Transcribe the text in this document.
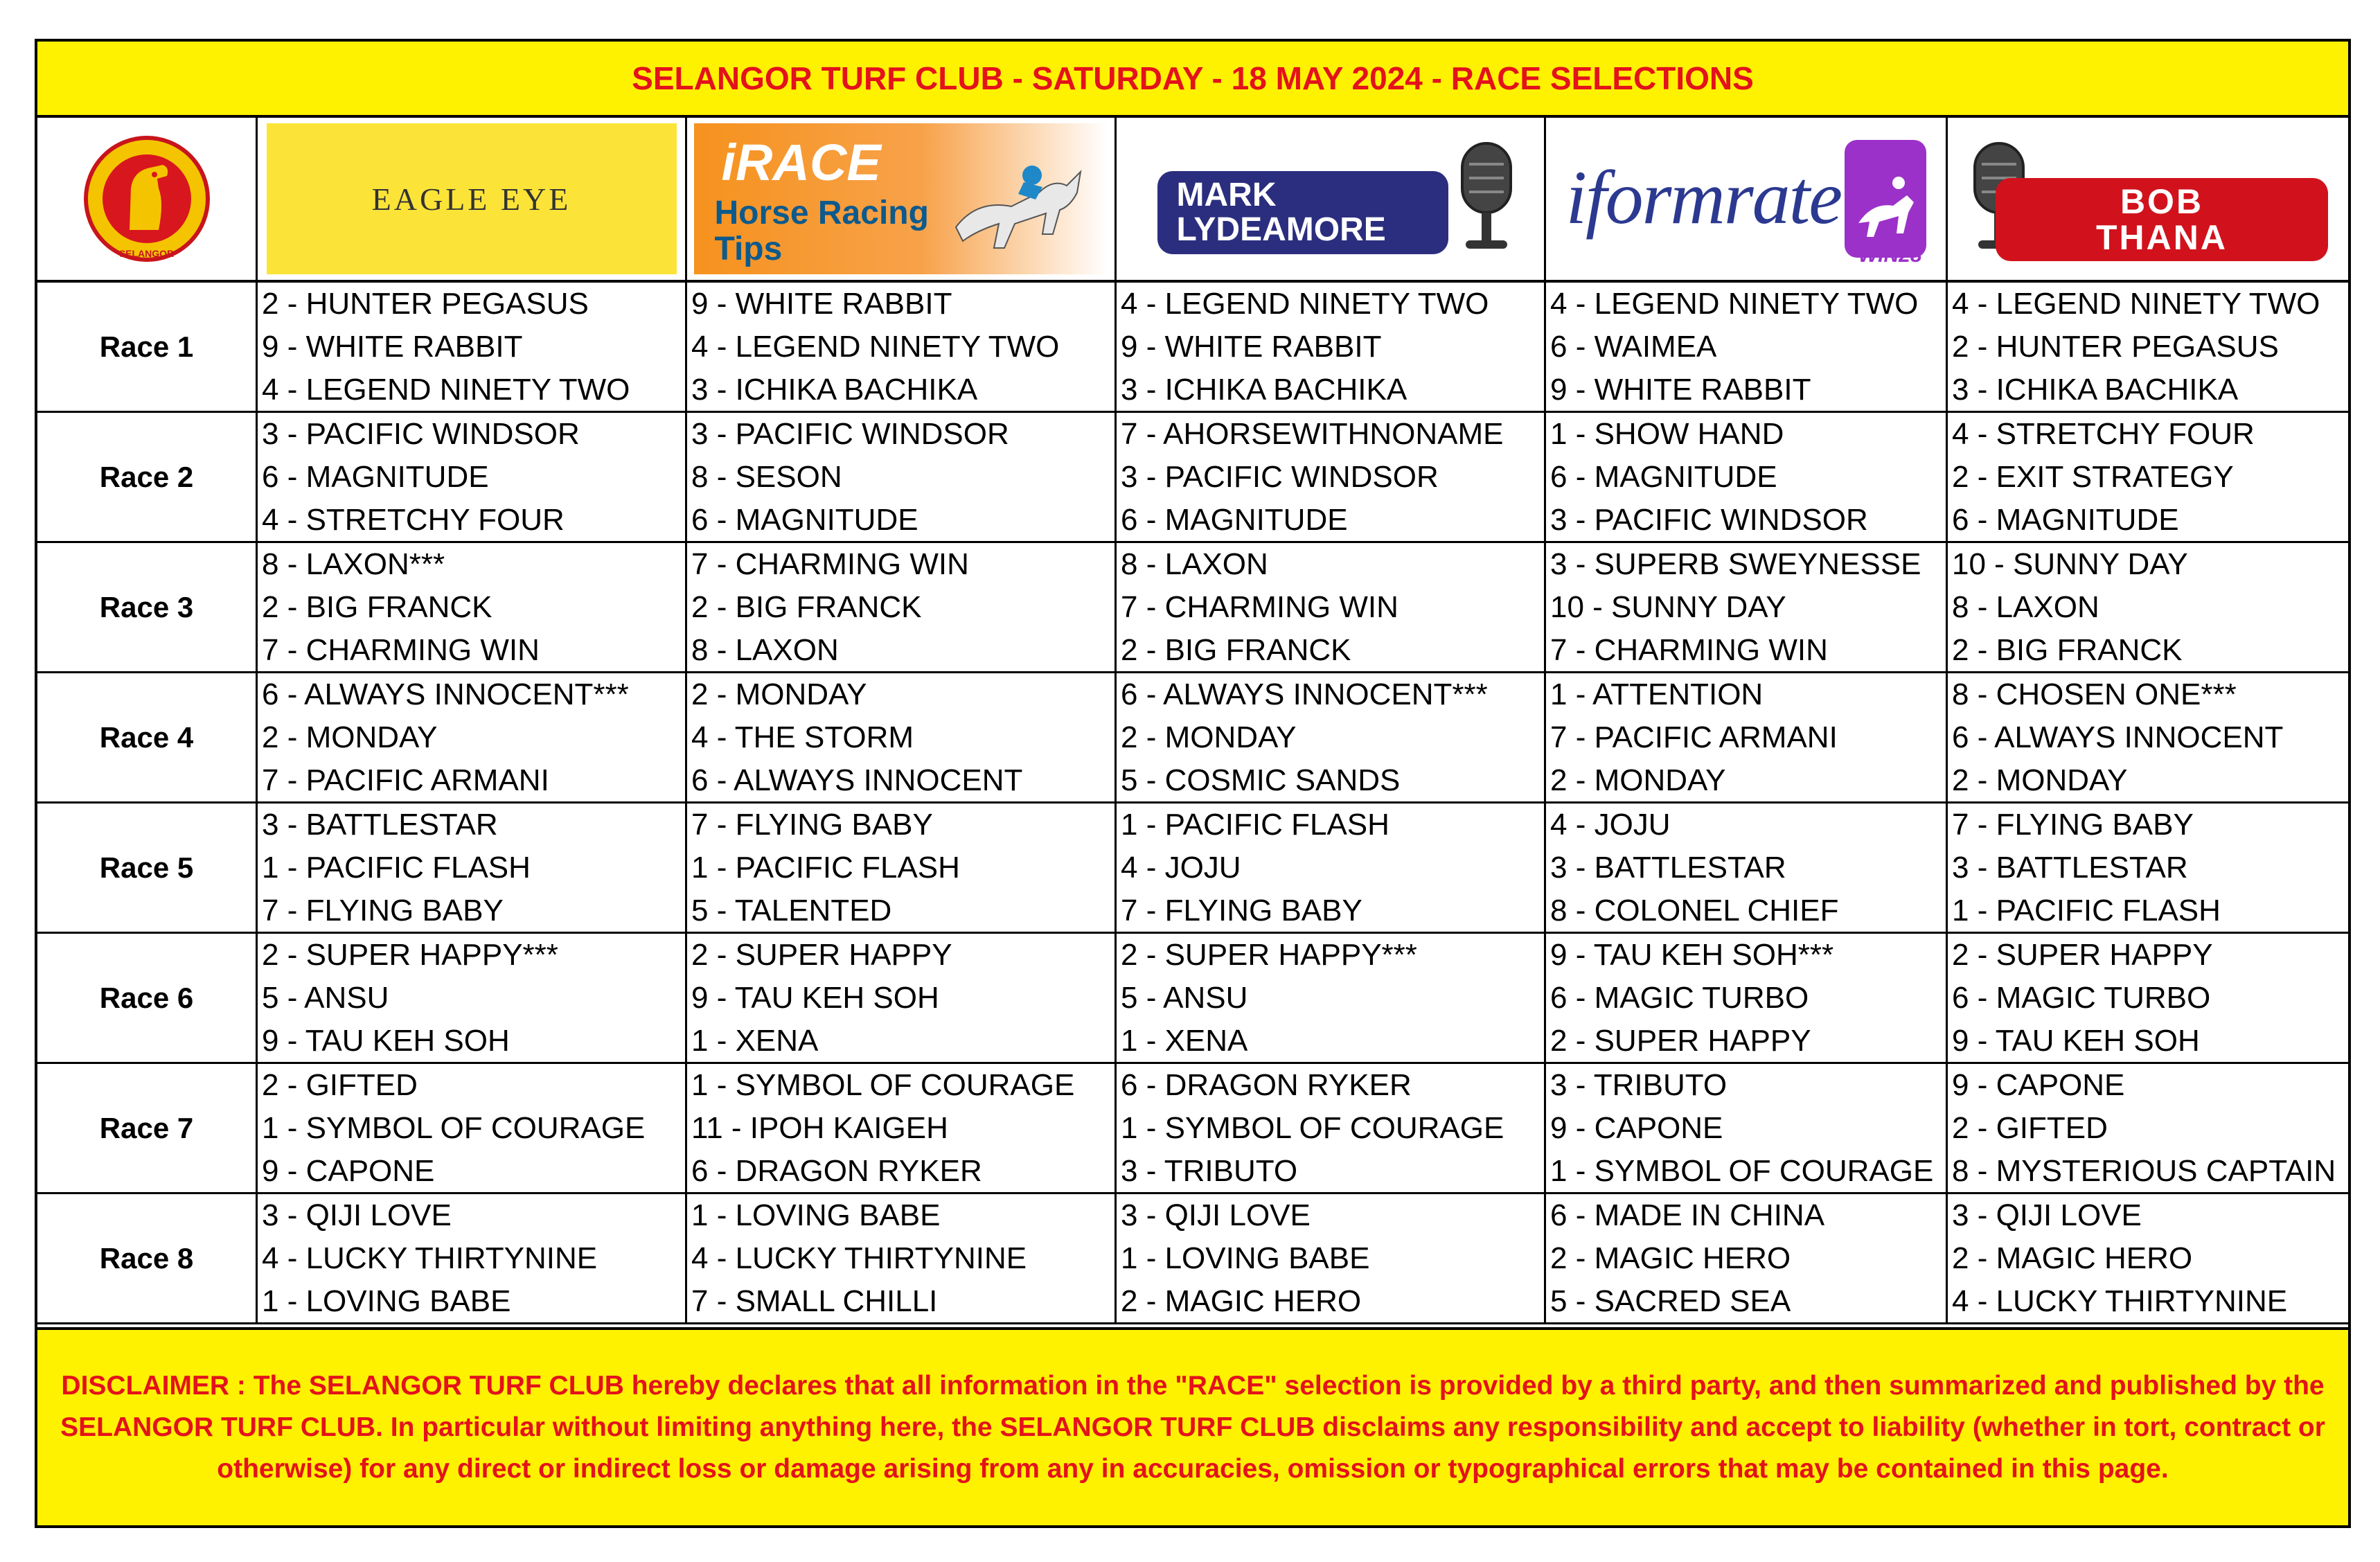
SELANGOR TURF CLUB - SATURDAY - 18 MAY 2024 - RACE SELECTIONS
SELANGOR
EAGLE EYE
iRACE
Horse Racing
Tips
MARK
LYDEAMORE	iformrate
WIN28
BOB
THANA
Race 1
2 - HUNTER PEGASUS
9 - WHITE RABBIT
4 - LEGEND NINETY TWO
9 - WHITE RABBIT
4 - LEGEND NINETY TWO
3 - ICHIKA BACHIKA
4 - LEGEND NINETY TWO
9 - WHITE RABBIT
3 - ICHIKA BACHIKA
4 - LEGEND NINETY TWO
6 - WAIMEA
9 - WHITE RABBIT
4 - LEGEND NINETY TWO
2 - HUNTER PEGASUS
3 - ICHIKA BACHIKA
Race 2
3 - PACIFIC WINDSOR
6 - MAGNITUDE
4 - STRETCHY FOUR
3 - PACIFIC WINDSOR
8 - SESON
6 - MAGNITUDE
7 - AHORSEWITHNONAME
3 - PACIFIC WINDSOR
6 - MAGNITUDE
1 - SHOW HAND
6 - MAGNITUDE
3 - PACIFIC WINDSOR
4 - STRETCHY FOUR
2 - EXIT STRATEGY
6 - MAGNITUDE
Race 3
8 - LAXON***
2 - BIG FRANCK
7 - CHARMING WIN
7 - CHARMING WIN
2 - BIG FRANCK
8 - LAXON
8 - LAXON
7 - CHARMING WIN
2 - BIG FRANCK
3 - SUPERB SWEYNESSE
10 - SUNNY DAY
7 - CHARMING WIN
10 - SUNNY DAY
8 - LAXON
2 - BIG FRANCK
Race 4
6 - ALWAYS INNOCENT***
2 - MONDAY
7 - PACIFIC ARMANI
2 - MONDAY
4 - THE STORM
6 - ALWAYS INNOCENT
6 - ALWAYS INNOCENT***
2 - MONDAY
5 - COSMIC SANDS
1 - ATTENTION
7 - PACIFIC ARMANI
2 - MONDAY
8 - CHOSEN ONE***
6 - ALWAYS INNOCENT
2 - MONDAY
Race 5
3 - BATTLESTAR
1 - PACIFIC FLASH
7 - FLYING BABY
7 - FLYING BABY
1 - PACIFIC FLASH
5 - TALENTED
1 - PACIFIC FLASH
4 - JOJU
7 - FLYING BABY
4 - JOJU
3 - BATTLESTAR
8 - COLONEL CHIEF
7 - FLYING BABY
3 - BATTLESTAR
1 - PACIFIC FLASH
Race 6
2 - SUPER HAPPY***
5 - ANSU
9 - TAU KEH SOH
2 - SUPER HAPPY
9 - TAU KEH SOH
1 - XENA
2 - SUPER HAPPY***
5 - ANSU
1 - XENA
9 - TAU KEH SOH***
6 - MAGIC TURBO
2 - SUPER HAPPY
2 - SUPER HAPPY
6 - MAGIC TURBO
9 - TAU KEH SOH
Race 7
2 - GIFTED
1 - SYMBOL OF COURAGE
9 - CAPONE
1 - SYMBOL OF COURAGE
11 - IPOH KAIGEH
6 - DRAGON RYKER
6 - DRAGON RYKER
1 - SYMBOL OF COURAGE
3 - TRIBUTO
3 - TRIBUTO
9 - CAPONE
1 - SYMBOL OF COURAGE
9 - CAPONE
2 - GIFTED
8 - MYSTERIOUS CAPTAIN
Race 8
3 - QIJI LOVE
4 - LUCKY THIRTYNINE
1 - LOVING BABE
1 - LOVING BABE
4 - LUCKY THIRTYNINE
7 - SMALL CHILLI
3 - QIJI LOVE
1 - LOVING BABE
2 - MAGIC HERO
6 - MADE IN CHINA
2 - MAGIC HERO
5 - SACRED SEA
3 - QIJI LOVE
2 - MAGIC HERO
4 - LUCKY THIRTYNINE
DISCLAIMER : The SELANGOR TURF CLUB hereby declares that all information in the "RACE" selection is provided by a third party, and then summarized and published by the SELANGOR TURF CLUB. In particular without limiting anything here, the SELANGOR TURF CLUB disclaims any responsibility and accept to liability (whether in tort, contract or otherwise) for any direct or indirect loss or damage arising from any in accuracies, omission or typographical errors that may be contained in this page.
